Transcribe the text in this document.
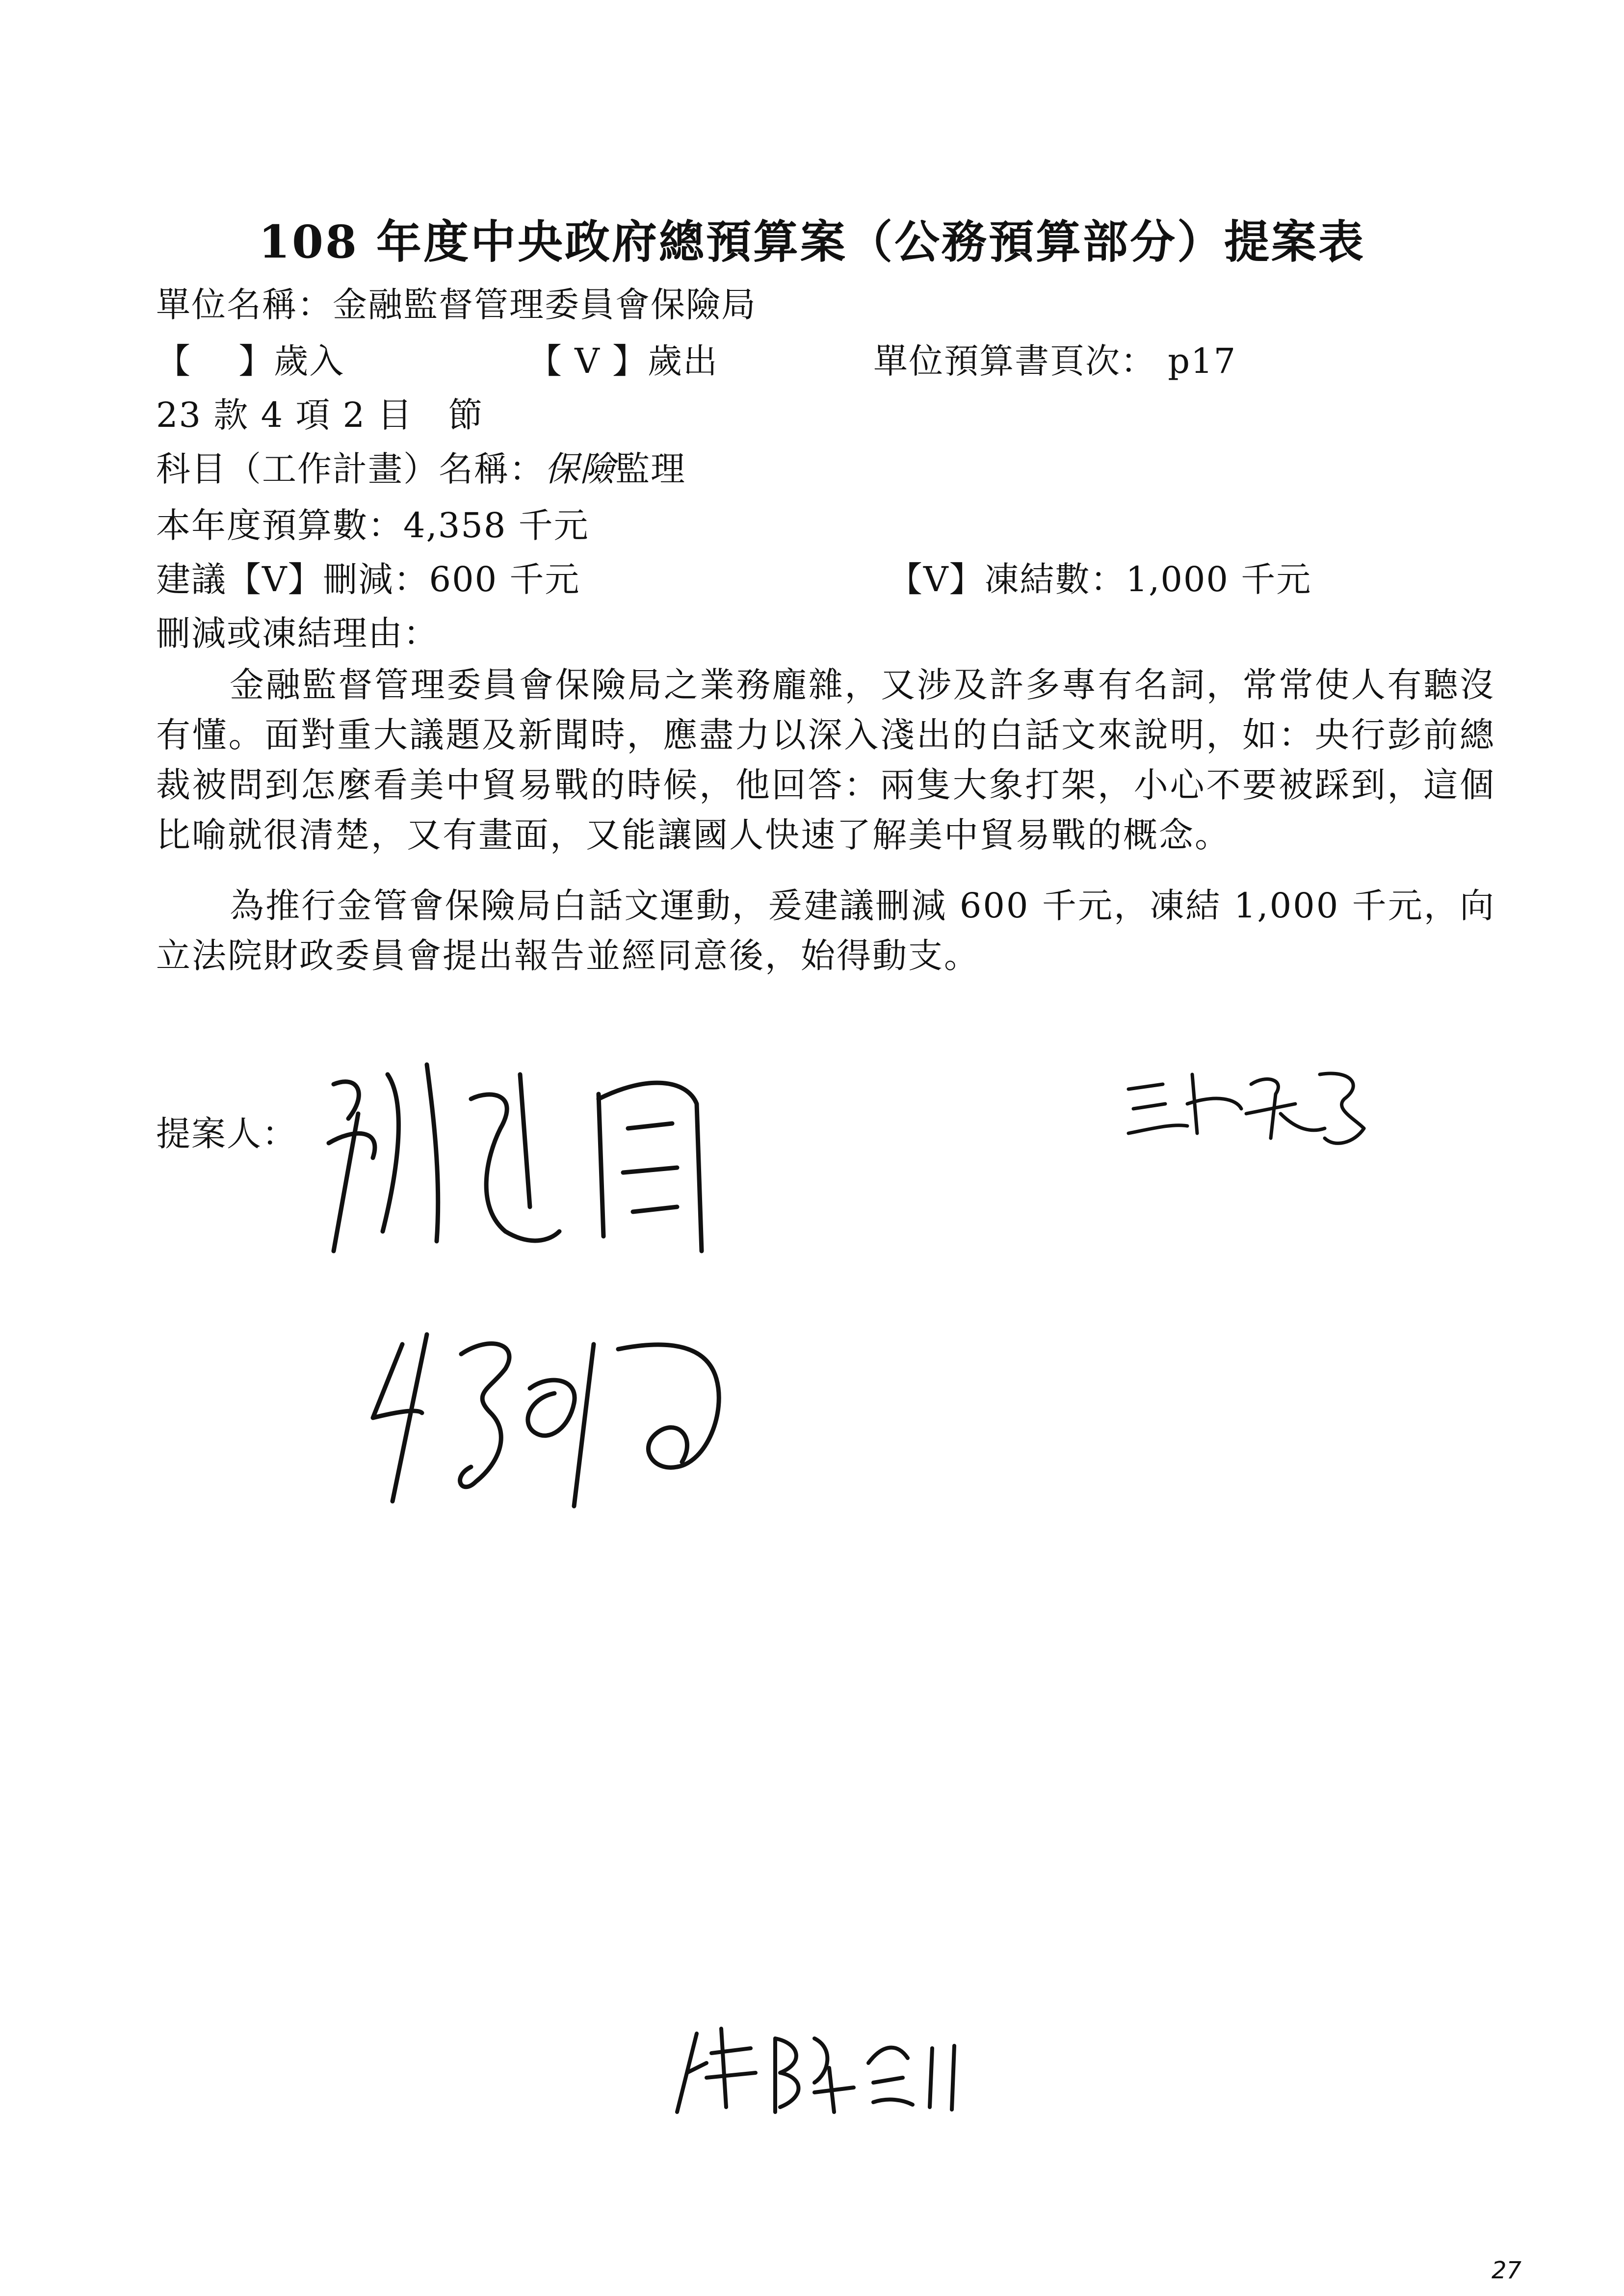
108 年度中央政府總預算案（公務預算部分）提案表
單位名稱：金融監督管理委員會保險局
【　 】歲入	【 V 】歲出	單位預算書頁次： p17
23 款 4 項 2 目　節
科目（工作計畫）名稱：保險監理
本年度預算數：4,358 千元
建議【V】刪減：600 千元	【V】凍結數：1,000 千元
刪減或凍結理由：
金融監督管理委員會保險局之業務龐雜，又涉及許多專有名詞，常常使人有聽沒有懂。面對重大議題及新聞時，應盡力以深入淺出的白話文來說明，如：央行彭前總裁被問到怎麼看美中貿易戰的時候，他回答：兩隻大象打架，小心不要被踩到，這個比喻就很清楚，又有畫面，又能讓國人快速了解美中貿易戰的概念。
為推行金管會保險局白話文運動，爰建議刪減 600 千元，凍結 1,000 千元，向立法院財政委員會提出報告並經同意後，始得動支。
提案人：
27
